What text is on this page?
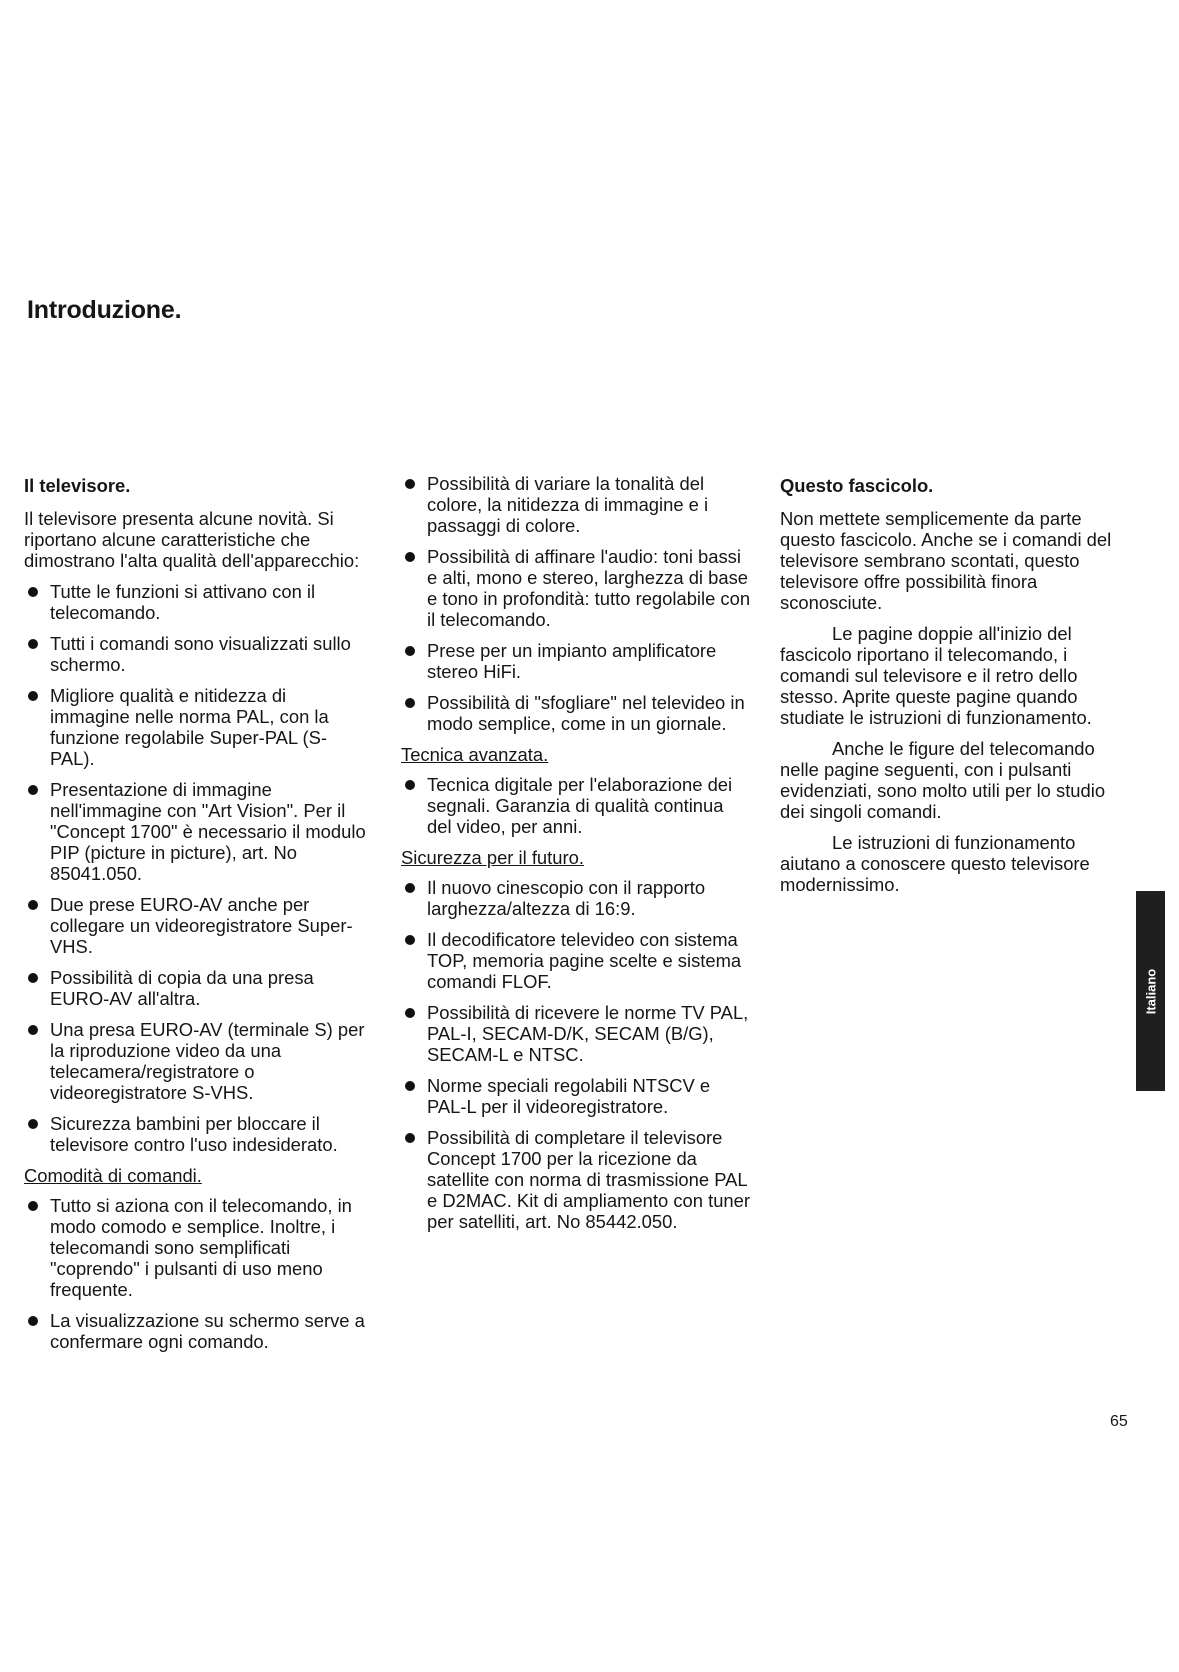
Introduzione.
Il televisore.
Il televisore presenta alcune novità. Si riportano alcune caratteristiche che dimostrano l'alta qualità dell'apparecchio:
Tutte le funzioni si attivano con il telecomando.
Tutti i comandi sono visualizzati sullo schermo.
Migliore qualità e nitidezza di immagine nelle norma PAL, con la funzione regolabile Super-PAL (S-PAL).
Presentazione di immagine nell'immagine con "Art Vision". Per il "Concept 1700" è necessario il modulo PIP (picture in picture), art. No 85041.050.
Due prese EURO-AV anche per collegare un videoregistratore Super-VHS.
Possibilità di copia da una presa EURO-AV all'altra.
Una presa EURO-AV (terminale S) per la riproduzione video da una telecamera/registratore o videoregistratore S-VHS.
Sicurezza bambini per bloccare il televisore contro l'uso indesiderato.
Comodità di comandi.
Tutto si aziona con il telecomando, in modo comodo e semplice. Inoltre, i telecomandi sono semplificati "coprendo" i pulsanti di uso meno frequente.
La visualizzazione su schermo serve a confermare ogni comando.
Possibilità di variare la tonalità del colore, la nitidezza di immagine e i passaggi di colore.
Possibilità di affinare l'audio: toni bassi e alti, mono e stereo, larghezza di base e tono in profondità: tutto regolabile con il telecomando.
Prese per un impianto amplificatore stereo HiFi.
Possibilità di "sfogliare" nel televideo in modo semplice, come in un giornale.
Tecnica avanzata.
Tecnica digitale per l'elaborazione dei segnali. Garanzia di qualità continua del video, per anni.
Sicurezza per il futuro.
Il nuovo cinescopio con il rapporto larghezza/altezza di 16:9.
Il decodificatore televideo con sistema TOP, memoria pagine scelte e sistema comandi FLOF.
Possibilità di ricevere le norme TV PAL, PAL-I, SECAM-D/K, SECAM (B/G), SECAM-L e NTSC.
Norme speciali regolabili NTSCV e PAL-L per il videoregistratore.
Possibilità di completare il televisore Concept 1700 per la ricezione da satellite con norma di trasmissione PAL e D2MAC. Kit di ampliamento con tuner per satelliti, art. No 85442.050.
Questo fascicolo.
Non mettete semplicemente da parte questo fascicolo. Anche se i comandi del televisore sembrano scontati, questo televisore offre possibilità finora sconosciute.
Le pagine doppie all'inizio del fascicolo riportano il telecomando, i comandi sul televisore e il retro dello stesso. Aprite queste pagine quando studiate le istruzioni di funzionamento.
Anche le figure del telecomando nelle pagine seguenti, con i pulsanti evidenziati, sono molto utili per lo studio dei singoli comandi.
Le istruzioni di funzionamento aiutano a conoscere questo televisore modernissimo.
Italiano
65
